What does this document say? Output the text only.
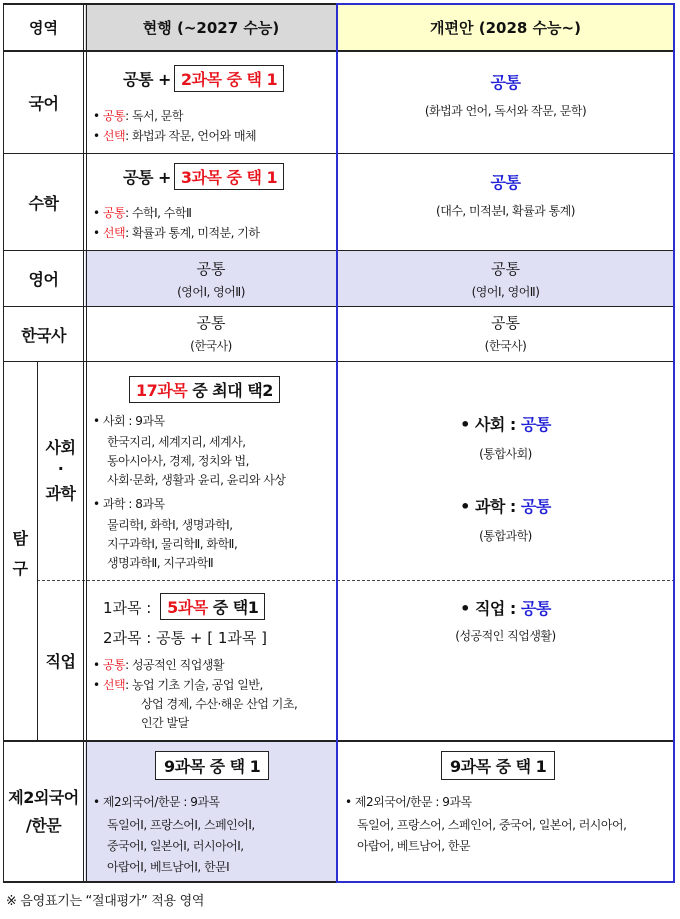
영역	현행 (~2027 수능)	개편안 (2028 수능~)
국어
공통 + 2과목 중 택 1
• 공통: 독서, 문학
• 선택: 화법과 작문, 언어와 매체
공통
(화법과 언어, 독서와 작문, 문학)
수학
공통 + 3과목 중 택 1
• 공통: 수학Ⅰ, 수학Ⅱ
• 선택: 확률과 통계, 미적분, 기하
공통
(대수, 미적분Ⅰ, 확률과 통계)
영어
공통
(영어Ⅰ, 영어Ⅱ)
공통
(영어Ⅰ, 영어Ⅱ)
한국사
공통
(한국사)
공통
(한국사)
탐
구
사회
·
과학
17과목 중 최대 택2
• 사회 : 9과목
한국지리, 세계지리, 세계사,
동아시아사, 경제, 정치와 법,
사회·문화, 생활과 윤리, 윤리와 사상
• 과학 : 8과목
물리학Ⅰ, 화학Ⅰ, 생명과학Ⅰ,
지구과학Ⅰ, 물리학Ⅱ, 화학Ⅱ,
생명과학Ⅱ, 지구과학Ⅱ
• 사회 :
공통
(통합사회)
• 과학 :
공통
(통합과학)
직업
1과목 : 5과목 중 택1
2과목 : 공통 + [ 1과목 ]
• 공통: 성공적인 직업생활
• 선택: 농업 기초 기술, 공업 일반,
상업 경제, 수산·해운 산업 기초,
인간 발달
• 직업 :
공통
(성공적인 직업생활)
제2외국어
/한문
9과목 중 택 1
• 제2외국어/한문 : 9과목
독일어Ⅰ, 프랑스어Ⅰ, 스페인어Ⅰ,
중국어Ⅰ, 일본어Ⅰ, 러시아어Ⅰ,
아랍어Ⅰ, 베트남어Ⅰ, 한문Ⅰ
9과목 중 택 1
• 제2외국어/한문 : 9과목
독일어, 프랑스어, 스페인어, 중국어, 일본어, 러시아어,
아랍어, 베트남어, 한문
※ 음영표기는 “절대평가” 적용 영역
